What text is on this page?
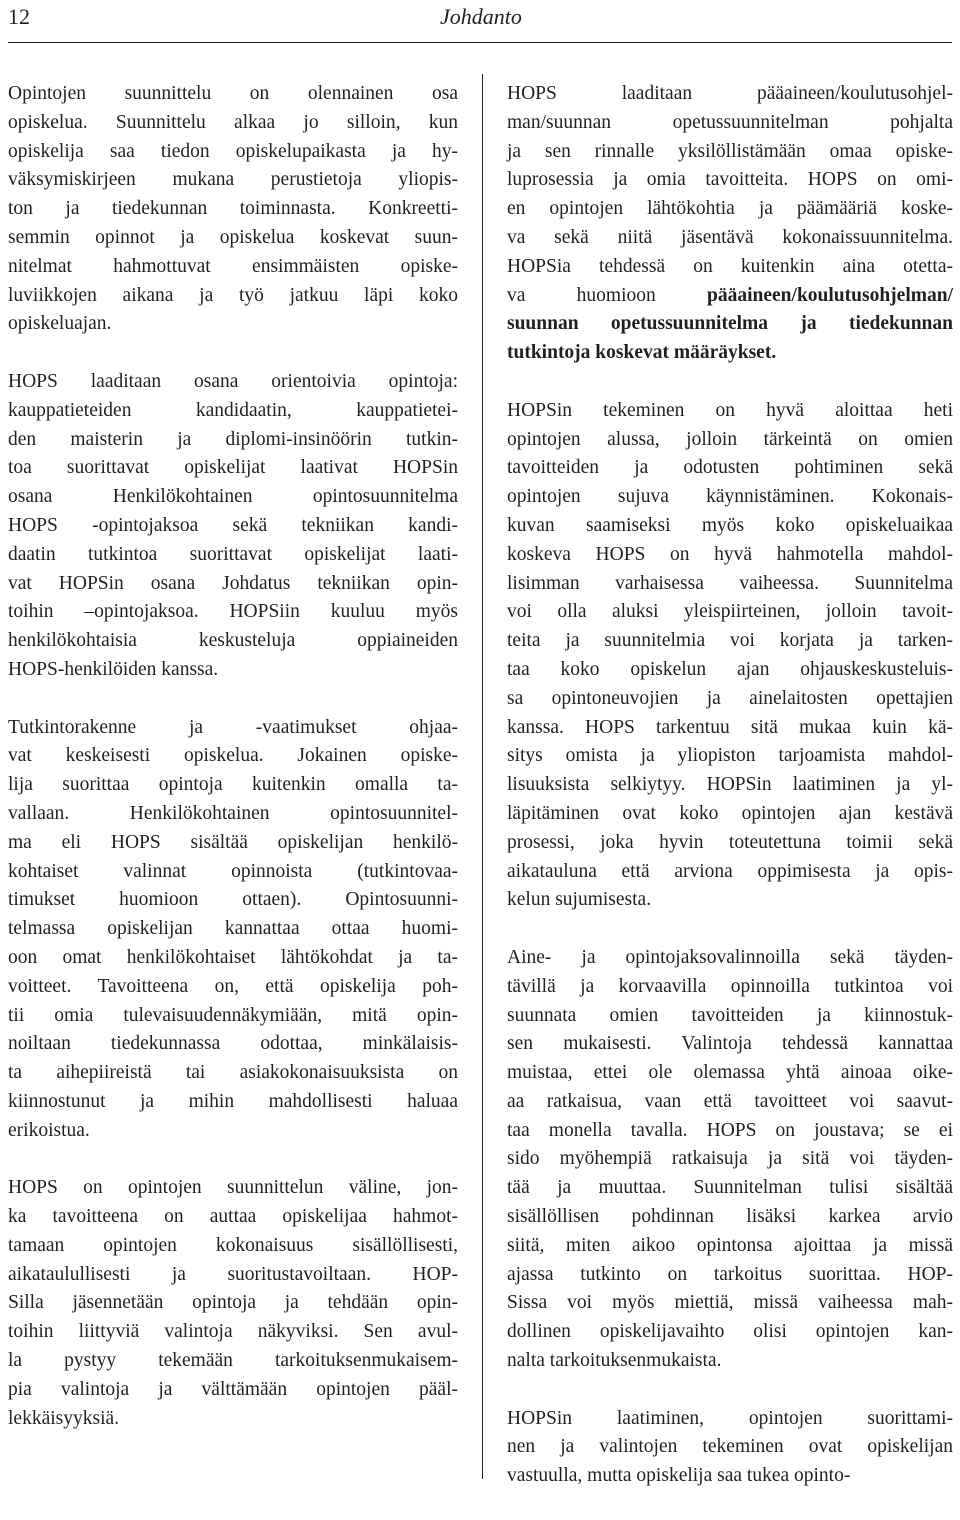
12	Johdanto
Opintojen suunnittelu on olennainen osa
opiskelua. Suunnittelu alkaa jo silloin, kun
opiskelija saa tiedon opiskelupaikasta ja hy-
väksymiskirjeen mukana perustietoja yliopis-
ton ja tiedekunnan toiminnasta. Konkreetti-
semmin opinnot ja opiskelua koskevat suun-
nitelmat hahmottuvat ensimmäisten opiske-
luviikkojen aikana ja työ jatkuu läpi koko
opiskeluajan.
HOPS laaditaan osana orientoivia opintoja:
kauppatieteiden kandidaatin, kauppatietei-
den maisterin ja diplomi-insinöörin tutkin-
toa suorittavat opiskelijat laativat HOPSin
osana Henkilökohtainen opintosuunnitelma
HOPS -opintojaksoa sekä tekniikan kandi-
daatin tutkintoa suorittavat opiskelijat laati-
vat HOPSin osana Johdatus tekniikan opin-
toihin –opintojaksoa. HOPSiin kuuluu myös
henkilökohtaisia keskusteluja oppiaineiden
HOPS-henkilöiden kanssa.
Tutkintorakenne ja -vaatimukset ohjaa-
vat keskeisesti opiskelua. Jokainen opiske-
lija suorittaa opintoja kuitenkin omalla ta-
vallaan. Henkilökohtainen opintosuunnitel-
ma eli HOPS sisältää opiskelijan henkilö-
kohtaiset valinnat opinnoista (tutkintovaa-
timukset huomioon ottaen). Opintosuunni-
telmassa opiskelijan kannattaa ottaa huomi-
oon omat henkilökohtaiset lähtökohdat ja ta-
voitteet. Tavoitteena on, että opiskelija poh-
tii omia tulevaisuudennäkymiään, mitä opin-
noiltaan tiedekunnassa odottaa, minkälaisis-
ta aihepiireistä tai asiakokonaisuuksista on
kiinnostunut ja mihin mahdollisesti haluaa
erikoistua.
HOPS on opintojen suunnittelun väline, jon-
ka tavoitteena on auttaa opiskelijaa hahmot-
tamaan opintojen kokonaisuus sisällöllisesti,
aikataulullisesti ja suoritustavoiltaan. HOP-
Silla jäsennetään opintoja ja tehdään opin-
toihin liittyviä valintoja näkyviksi. Sen avul-
la pystyy tekemään tarkoituksenmukaisem-
pia valintoja ja välttämään opintojen pääl-
lekkäisyyksiä.
HOPS laaditaan pääaineen/koulutusohjel-
man/suunnan opetussuunnitelman pohjalta
ja sen rinnalle yksilöllistämään omaa opiske-
luprosessia ja omia tavoitteita. HOPS on omi-
en opintojen lähtökohtia ja päämääriä koske-
va sekä niitä jäsentävä kokonaissuunnitelma.
HOPSia tehdessä on kuitenkin aina otetta-
va huomioon pääaineen/koulutusohjelman/
suunnan opetussuunnitelma ja tiedekunnan
tutkintoja koskevat määräykset.
HOPSin tekeminen on hyvä aloittaa heti
opintojen alussa, jolloin tärkeintä on omien
tavoitteiden ja odotusten pohtiminen sekä
opintojen sujuva käynnistäminen. Kokonais-
kuvan saamiseksi myös koko opiskeluaikaa
koskeva HOPS on hyvä hahmotella mahdol-
lisimman varhaisessa vaiheessa. Suunnitelma
voi olla aluksi yleispiirteinen, jolloin tavoit-
teita ja suunnitelmia voi korjata ja tarken-
taa koko opiskelun ajan ohjauskeskusteluis-
sa opintoneuvojien ja ainelaitosten opettajien
kanssa. HOPS tarkentuu sitä mukaa kuin kä-
sitys omista ja yliopiston tarjoamista mahdol-
lisuuksista selkiytyy. HOPSin laatiminen ja yl-
läpitäminen ovat koko opintojen ajan kestävä
prosessi, joka hyvin toteutettuna toimii sekä
aikatauluna että arviona oppimisesta ja opis-
kelun sujumisesta.
Aine- ja opintojaksovalinnoilla sekä täyden-
tävillä ja korvaavilla opinnoilla tutkintoa voi
suunnata omien tavoitteiden ja kiinnostuk-
sen mukaisesti. Valintoja tehdessä kannattaa
muistaa, ettei ole olemassa yhtä ainoaa oike-
aa ratkaisua, vaan että tavoitteet voi saavut-
taa monella tavalla. HOPS on joustava; se ei
sido myöhempiä ratkaisuja ja sitä voi täyden-
tää ja muuttaa. Suunnitelman tulisi sisältää
sisällöllisen pohdinnan lisäksi karkea arvio
siitä, miten aikoo opintonsa ajoittaa ja missä
ajassa tutkinto on tarkoitus suorittaa. HOP-
Sissa voi myös miettiä, missä vaiheessa mah-
dollinen opiskelijavaihto olisi opintojen kan-
nalta tarkoituksenmukaista.
HOPSin laatiminen, opintojen suorittami-
nen ja valintojen tekeminen ovat opiskelijan
vastuulla, mutta opiskelija saa tukea opinto-
